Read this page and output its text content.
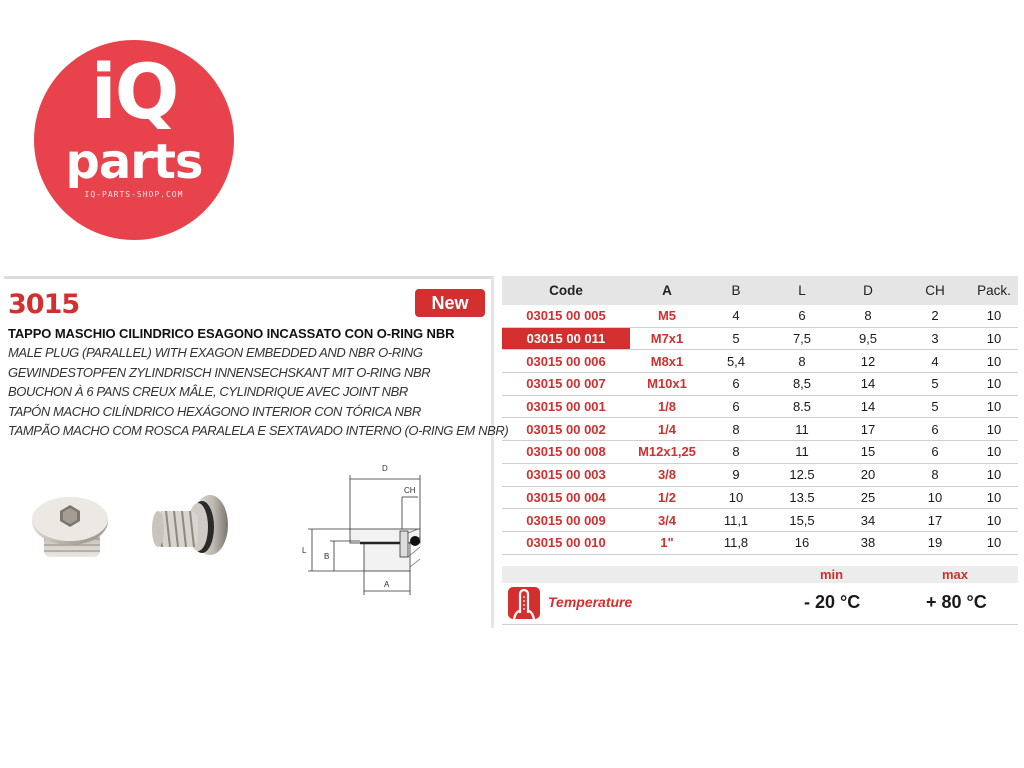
iQ
parts
IQ-PARTS-SHOP.COM
3015	New
TAPPO MASCHIO CILINDRICO ESAGONO INCASSATO CON O-RING NBR
MALE PLUG (PARALLEL) WITH EXAGON EMBEDDED AND NBR O-RING
GEWINDESTOPFEN ZYLINDRISCH INNENSECHSKANT MIT O-RING NBR
BOUCHON À 6 PANS CREUX MÂLE, CYLINDRIQUE AVEC JOINT NBR
TAPÓN MACHO CILÍNDRICO HEXÁGONO INTERIOR CON TÓRICA NBR
TAMPÃO MACHO COM ROSCA PARALELA E SEXTAVADO INTERNO (O-RING EM NBR)
D
CH
L
B
A
Code	A	B	L	D	CH	Pack.
03015 00 005	M5	4	6	8	2	10
03015 00 011	M7x1	5	7,5	9,5	3	10
03015 00 006	M8x1	5,4	8	12	4	10
03015 00 007	M10x1	6	8,5	14	5	10
03015 00 001	1/8	6	8.5	14	5	10
03015 00 002	1/4	8	11	17	6	10
03015 00 008	M12x1,25	8	11	15	6	10
03015 00 003	3/8	9	12.5	20	8	10
03015 00 004	1/2	10	13.5	25	10	10
03015 00 009	3/4	11,1	15,5	34	17	10
03015 00 010	1"	11,8	16	38	19	10
min	max
Temperature	- 20 °C	+ 80 °C
